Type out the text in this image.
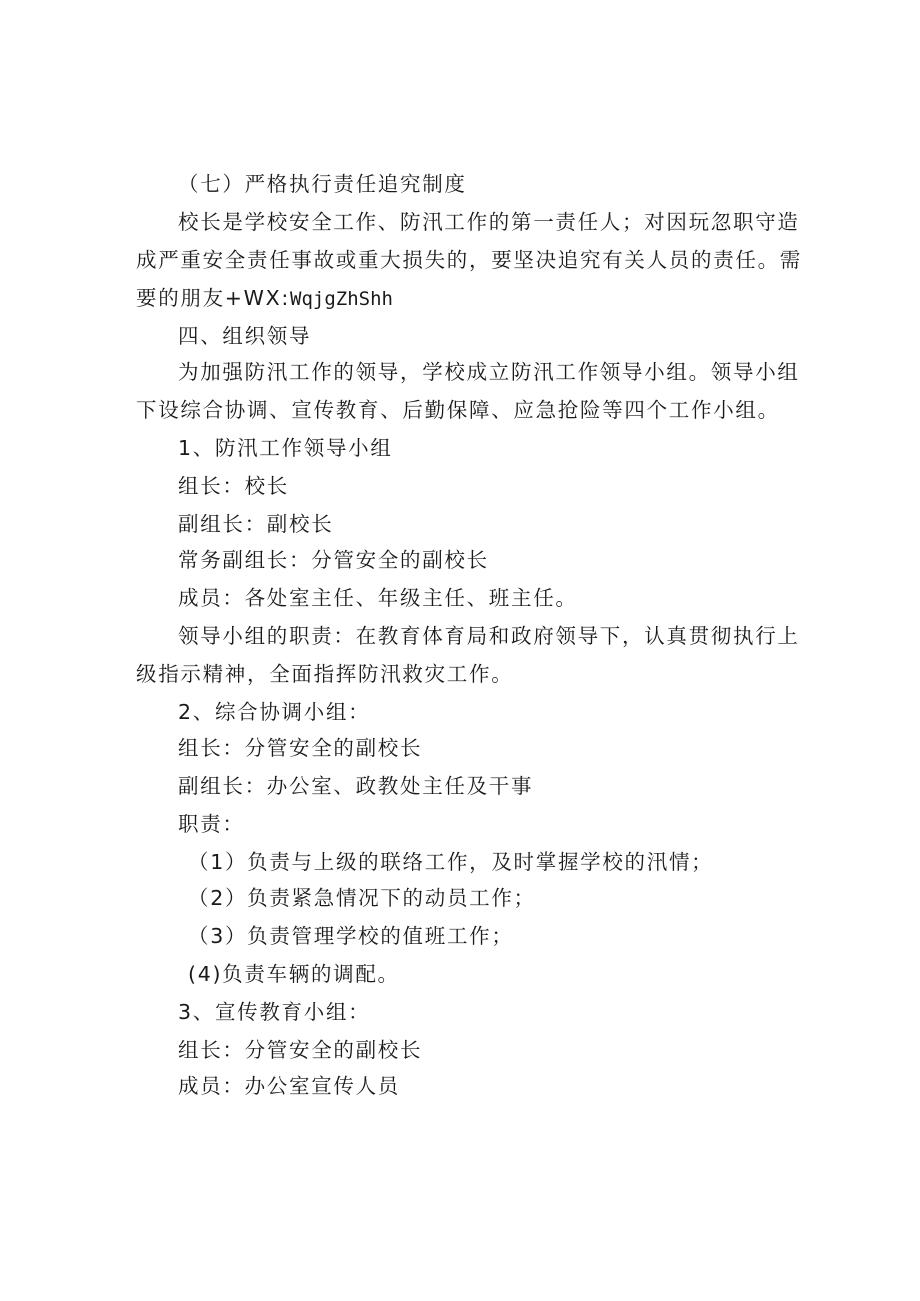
（七）严格执行责任追究制度
校长是学校安全工作、防汛工作的第一责任人；对因玩忽职守造
成严重安全责任事故或重大损失的，要坚决追究有关人员的责任。需
要的朋友+WX:WqjgZhShh
四、组织领导
为加强防汛工作的领导，学校成立防汛工作领导小组。领导小组
下设综合协调、宣传教育、后勤保障、应急抢险等四个工作小组。
1、防汛工作领导小组
组长：校长
副组长：副校长
常务副组长：分管安全的副校长
成员：各处室主任、年级主任、班主任。
领导小组的职责：在教育体育局和政府领导下，认真贯彻执行上
级指示精神，全面指挥防汛救灾工作。
2、综合协调小组：
组长：分管安全的副校长
副组长：办公室、政教处主任及干事
职责：
（1）负责与上级的联络工作，及时掌握学校的汛情；
（2）负责紧急情况下的动员工作；
（3）负责管理学校的值班工作；
(4)负责车辆的调配。
3、宣传教育小组：
组长：分管安全的副校长
成员：办公室宣传人员
